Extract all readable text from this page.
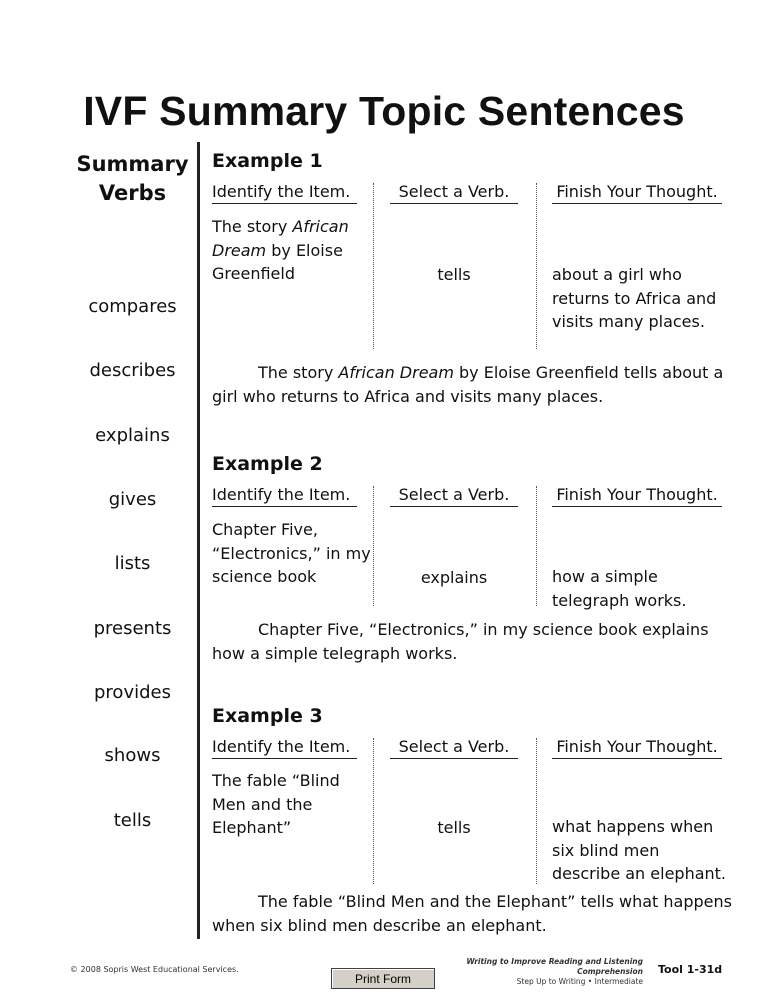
IVF Summary Topic Sentences
Summary
Verbs
compares
describes
explains
gives
lists
presents
provides
shows
tells
Example 1
Identify the Item.	Select a Verb.	Finish Your Thought.
The story African Dream by Eloise Greenfield	tells	about a girl who returns to Africa and visits many places.
The story African Dream by Eloise Greenfield tells about a girl who returns to Africa and visits many places.
Example 2
Identify the Item.	Select a Verb.	Finish Your Thought.
Chapter Five, “Electronics,” in my science book	explains	how a simple telegraph works.
Chapter Five, “Electronics,” in my science book explains how a simple telegraph works.
Example 3
Identify the Item.	Select a Verb.	Finish Your Thought.
The fable “Blind Men and the Elephant”	tells	what happens when six blind men describe an elephant.
The fable “Blind Men and the Elephant” tells what happens when six blind men describe an elephant.
© 2008 Sopris West Educational Services.
Writing to Improve Reading and Listening Comprehension
Step Up to Writing • Intermediate
Tool 1-31d
Print Form
